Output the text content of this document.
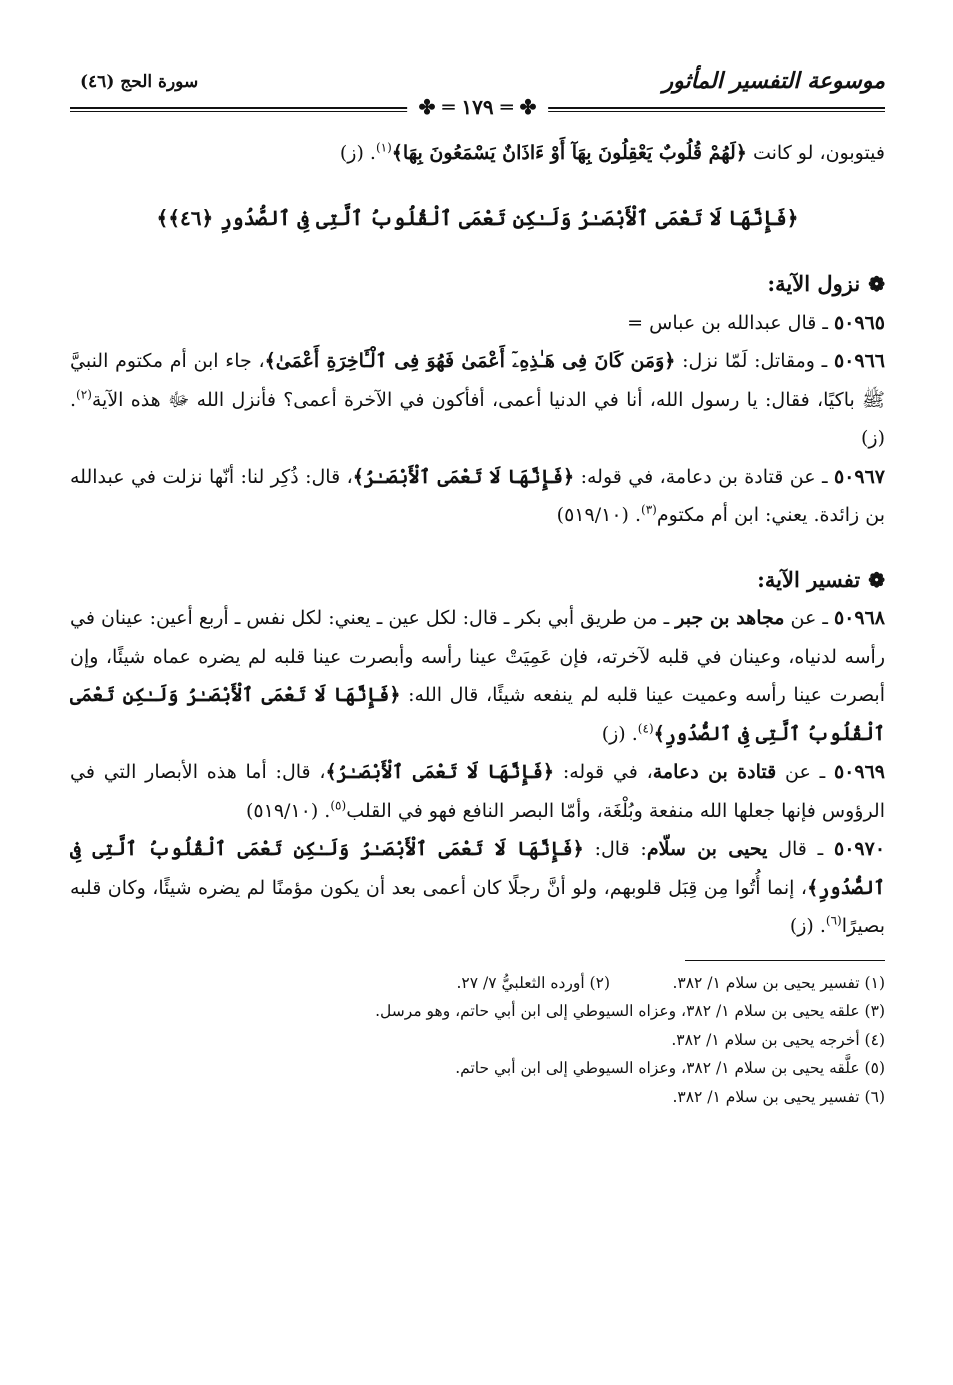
موسوعة التفسير المأثور
سورة الحج (٤٦)
✤ ═ ١٧٩ ═ ✤

فيتوبون، لو كانت ﴿لَهُمْ قُلُوبٌ يَعْقِلُونَ بِهَآ أَوْ ءَاذَانٌ يَسْمَعُونَ بِهَا﴾$^{(١)}$. (ز)

﴿فَإِنَّهَا لَا تَعْمَى ٱلْأَبْصَـٰرُ وَلَـٰكِن تَعْمَى ٱلْقُلُوبُ ٱلَّتِى فِى ٱلصُّدُورِ ﴿٤٦﴾﴾

❁نزول الآية:

٥٠٩٦٥ ـ قال عبدالله بن عباس =

٥٠٩٦٦ ـ ومقاتل: لَمّا نزل: ﴿وَمَن كَانَ فِى هَـٰذِهِۦٓ أَعْمَىٰ فَهُوَ فِى ٱلْـَٔاخِرَةِ أَعْمَىٰ﴾، جاء ابن أم مكتوم النبيَّ ﷺ باكيًا، فقال: يا رسول الله، أنا في الدنيا أعمى، أفأكون في الآخرة أعمى؟ فأنزل الله ﷻ هذه الآية$^{(٢)}$. (ز)

٥٠٩٦٧ ـ عن قتادة بن دعامة، في قوله: ﴿فَإِنَّهَا لَا تَعْمَى ٱلْأَبْصَـٰرُ﴾، قال: ذُكِر لنا: أنّها نزلت في عبدالله بن زائدة. يعني: ابن أم مكتوم$^{(٣)}$. (٥١٩/١٠)

❁تفسير الآية:

٥٠٩٦٨ ـ عن مجاهد بن جبر ـ من طريق أبي بكر ـ قال: لكل عين ـ يعني: لكل نفس ـ أربع أعين: عينان في رأسه لدنياه، وعينان في قلبه لآخرته، فإن عَمِيَتْ عينا رأسه وأبصرت عينا قلبه لم يضره عماه شيئًا، وإن أبصرت عينا رأسه وعميت عينا قلبه لم ينفعه شيئًا، قال الله: ﴿فَإِنَّهَا لَا تَعْمَى ٱلْأَبْصَـٰرُ وَلَـٰكِن تَعْمَى ٱلْقُلُوبُ ٱلَّتِى فِى ٱلصُّدُورِ﴾$^{(٤)}$. (ز)

٥٠٩٦٩ ـ عن قتادة بن دعامة، في قوله: ﴿فَإِنَّهَا لَا تَعْمَى ٱلْأَبْصَـٰرُ﴾، قال: أما هذه الأبصار التي في الرؤوس فإنها جعلها الله منفعة وبُلْغَة، وأمّا البصر النافع فهو في القلب$^{(٥)}$. (٥١٩/١٠)

٥٠٩٧٠ ـ قال يحيى بن سلّام: قال: ﴿فَإِنَّهَا لَا تَعْمَى ٱلْأَبْصَـٰرُ وَلَـٰكِن تَعْمَى ٱلْقُلُوبُ ٱلَّتِى فِى ٱلصُّدُورِ﴾، إنما أُتُوا مِن قِبَل قلوبهم، ولو أنَّ رجلًا كان أعمى بعد أن يكون مؤمنًا لم يضره شيئًا، وكان قلبه بصيرًا$^{(٦)}$. (ز)

(١) تفسير يحيى بن سلام ١/ ٣٨٢.
(٢) أورده الثعلبيُّ ٧/ ٢٧.
(٣) علقه يحيى بن سلام ١/ ٣٨٢، وعزاه السيوطي إلى ابن أبي حاتم، وهو مرسل.
(٤) أخرجه يحيى بن سلام ١/ ٣٨٢.
(٥) علَّقه يحيى بن سلام ١/ ٣٨٢، وعزاه السيوطي إلى ابن أبي حاتم.
(٦) تفسير يحيى بن سلام ١/ ٣٨٢.
